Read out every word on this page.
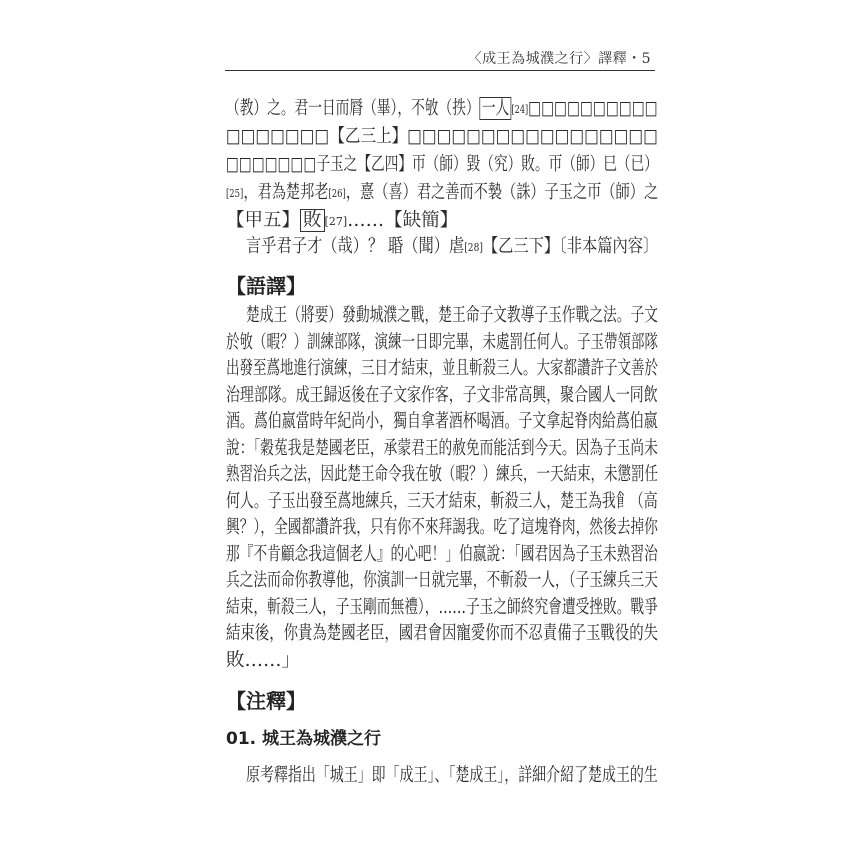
〈成王為城濮之行〉譯釋・5
（教）之。君一日而脣（畢），不敂（抶） 一人 [24]□□□□□□□□□□
□□□□□□□【乙三上】□□□□□□□□□□□□□□□□□
□□□□□□□子玉之【乙四】帀（師）毀（究）敗。帀（師）巳（已）
[25]，君為楚邦老[26]，憙（喜）君之善而不褺（誅）子玉之帀（師）之
【甲五】 敗 [27]……【缺簡】
言乎君子才（哉）？ 䎽（聞）虐[28]【乙三下】〔非本篇內容〕
【語譯】
楚成王（將要）發動城濮之戰，楚王命子文教導子玉作戰之法。子文
於敂（暇？）訓練部隊，演練一日即完畢，未處罰任何人。子玉帶領部隊
出發至蔿地進行演練，三日才結束，並且斬殺三人。大家都讚許子文善於
治理部隊。成王歸返後在子文家作客，子文非常高興，聚合國人一同飲
酒。蔿伯嬴當時年紀尚小，獨自拿著酒杯喝酒。子文拿起脊肉給蔿伯嬴
說：「穀菟我是楚國老臣，承蒙君王的赦免而能活到今天。因為子玉尚未
熟習治兵之法，因此楚王命令我在敂（暇？）練兵，一天結束，未懲罰任
何人。子玉出發至蔿地練兵，三天才結束，斬殺三人，楚王為我𩙿（高
興？），全國都讚許我，只有你不來拜謁我。吃了這塊脊肉，然後去掉你
那『不肯顧念我這個老人』的心吧！」伯嬴說：「國君因為子玉未熟習治
兵之法而命你教導他，你演訓一日就完畢，不斬殺一人，（子玉練兵三天
結束，斬殺三人，子玉剛而無禮），……子玉之師終究會遭受挫敗。戰爭
結束後，你貴為楚國老臣，國君會因寵愛你而不忍責備子玉戰役的失
敗……」
【注釋】
01. 城王為城濮之行
原考釋指出「城王」即「成王」、「楚成王」，詳細介紹了楚成王的生
